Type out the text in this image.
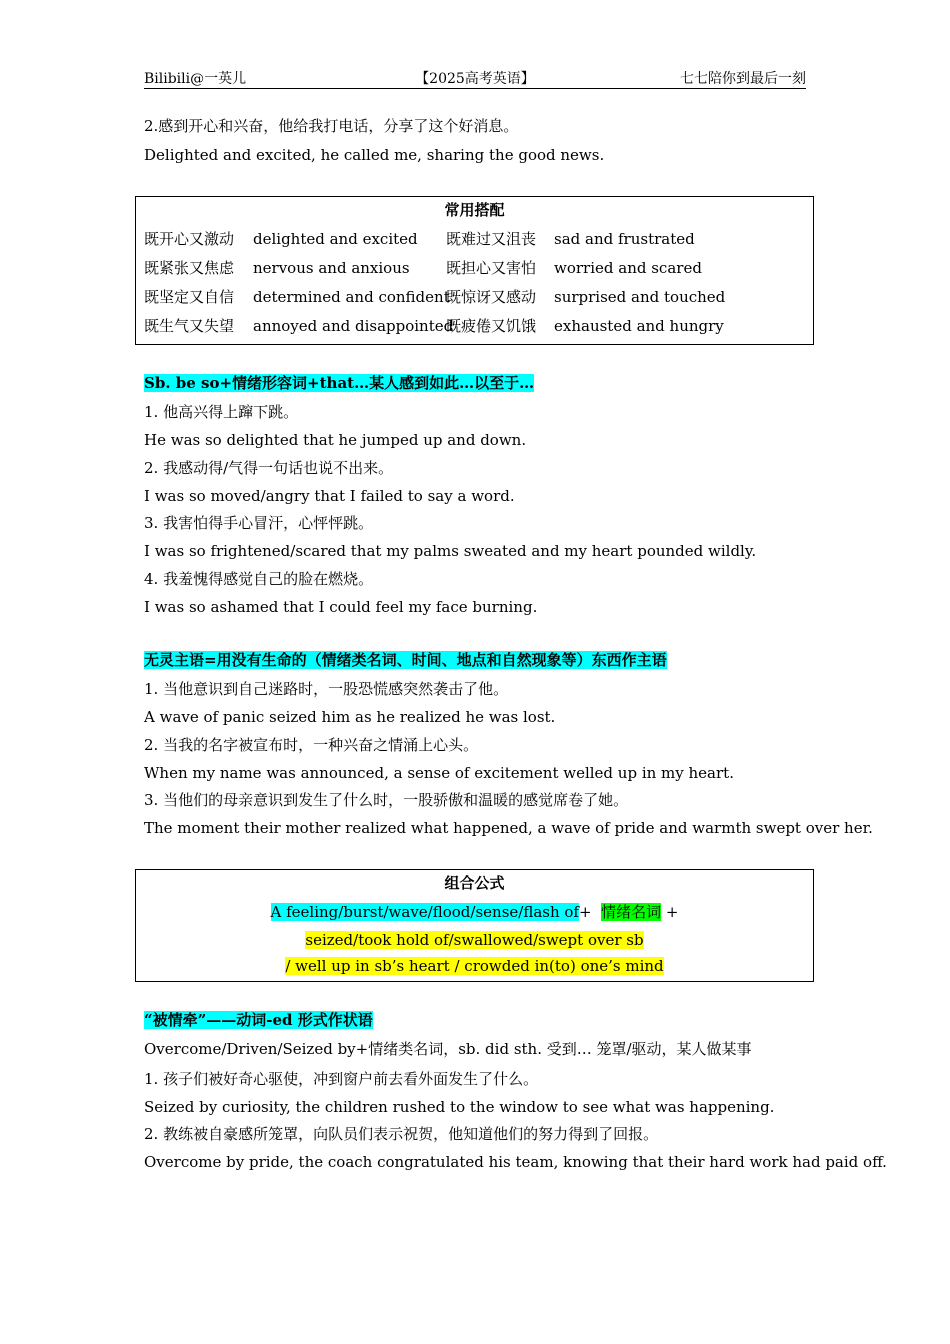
Bilibili@一英儿	【2025高考英语】	七七陪你到最后一刻
2.感到开心和兴奋，他给我打电话，分享了这个好消息。
Delighted and excited, he called me, sharing the good news.
常用搭配
既开心又激动 delighted and excited 既难过又沮丧 sad and frustrated
既紧张又焦虑 nervous and anxious 既担心又害怕 worried and scared
既坚定又自信 determined and confident
既惊讶又感动 surprised and touched
既生气又失望 annoyed and disappointed
既疲倦又饥饿 exhausted and hungry
Sb. be so+情绪形容词+that…某人感到如此…以至于…
1. 他高兴得上蹿下跳。
He was so delighted that he jumped up and down.
2. 我感动得/气得一句话也说不出来。
I was so moved/angry that I failed to say a word.
3. 我害怕得手心冒汗，心怦怦跳。
I was so frightened/scared that my palms sweated and my heart pounded wildly.
4. 我羞愧得感觉自己的脸在燃烧。
I was so ashamed that I could feel my face burning.
无灵主语=用没有生命的（情绪类名词、时间、地点和自然现象等）东西作主语
1. 当他意识到自己迷路时，一股恐慌感突然袭击了他。
A wave of panic seized him as he realized he was lost.
2. 当我的名字被宣布时，一种兴奋之情涌上心头。
When my name was announced, a sense of excitement welled up in my heart.
3. 当他们的母亲意识到发生了什么时，一股骄傲和温暖的感觉席卷了她。
The moment their mother realized what happened, a wave of pride and warmth swept over her.
组合公式
A feeling/burst/wave/flood/sense/flash of+  情绪名词 +
seized/took hold of/swallowed/swept over sb
/ well up in sb’s heart / crowded in(to) one’s mind
“被情牵”——动词-ed 形式作状语
Overcome/Driven/Seized by+情绪类名词，sb. did sth. 受到… 笼罩/驱动，某人做某事
1. 孩子们被好奇心驱使，冲到窗户前去看外面发生了什么。
Seized by curiosity, the children rushed to the window to see what was happening.
2. 教练被自豪感所笼罩，向队员们表示祝贺，他知道他们的努力得到了回报。
Overcome by pride, the coach congratulated his team, knowing that their hard work had paid off.
